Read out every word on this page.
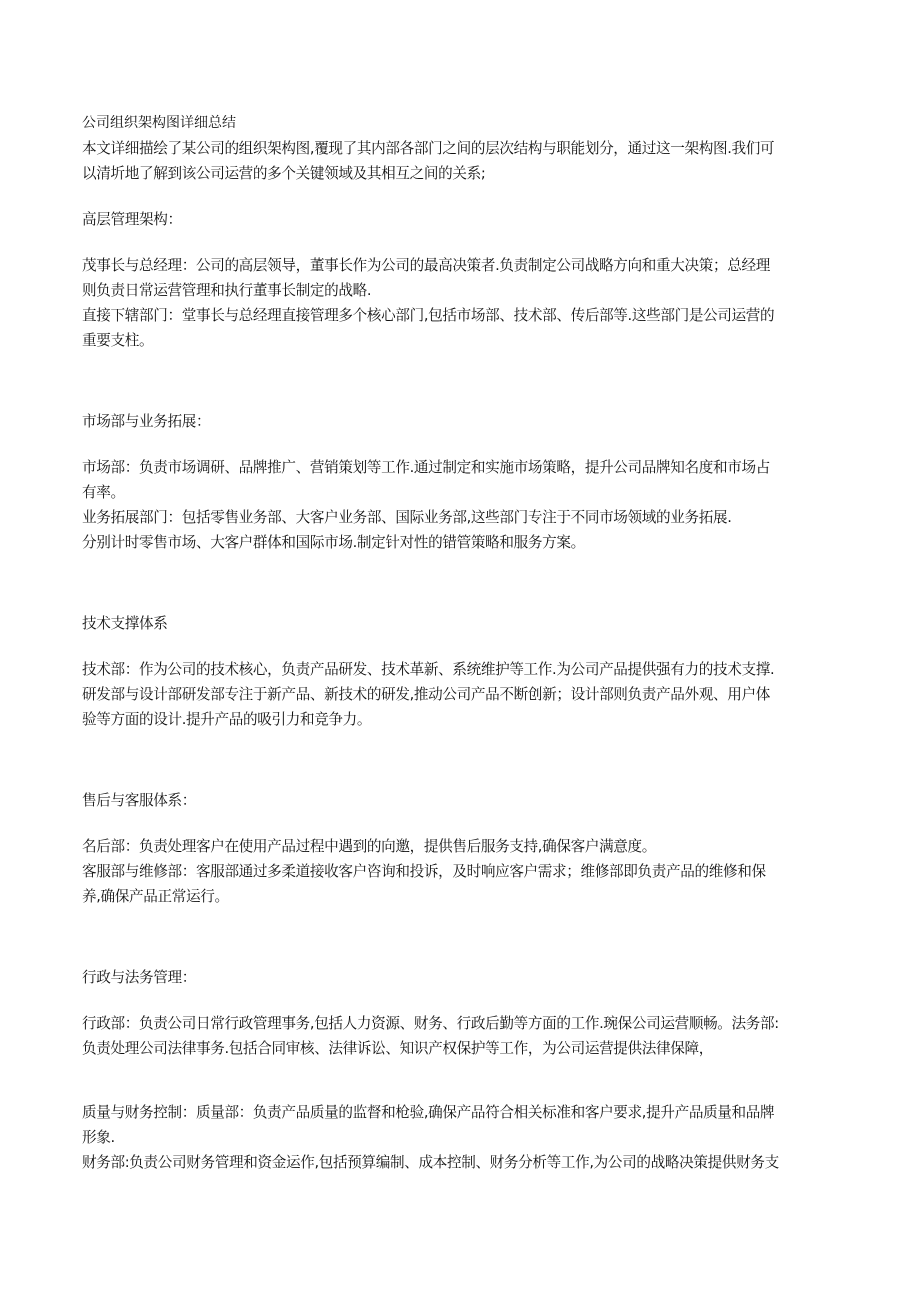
公司组织架构图详细总结
本文详细描绘了某公司的组织架构图,覆现了其内部各部门之间的层次结构与职能划分，通过这一架构图.我们可
以清圻地了解到该公司运营的多个关键领域及其相互之间的关系;
高层管理架构：
茂事长与总经理：公司的高层领导，董事长作为公司的最高决策者.负责制定公司战略方向和重大决策；总经理
则负责日常运营管理和执行董事长制定的战略.
直接下辖部门：堂事长与总经理直接管理多个核心部门,包括市场部、技术部、传后部等.这些部门是公司运营的
重要支柱。
市场部与业务拓展：
市场部：负责市场调研、品牌推广、营销策划等工作.通过制定和实施市场策略，提升公司品牌知名度和市场占
有率。
业务拓展部门：包括零售业务部、大客户业务部、国际业务部,这些部门专注于不同市场领域的业务拓展.
分别计时零售市场、大客户群体和国际市场.制定针对性的错管策略和服务方案。
技术支撑体系
技术部：作为公司的技术核心，负责产品研发、技术革新、系统维护等工作.为公司产品提供强有力的技术支撑.
研发部与设计部研发部专注于新产品、新技术的研发,推动公司产品不断创新；设计部则负责产品外观、用户体
验等方面的设计.提升产品的吸引力和竞争力。
售后与客服体系：
名后部：负责处理客户在使用产品过程中遇到的向邀，提供售后服务支持,确保客户满意度。
客服部与维修部：客服部通过多柔道接收客户咨询和投诉，及时响应客户需求；维修部即负责产品的维修和保
养,确保产品正常运行。
行政与法务管理：
行政部：负责公司日常行政管理事务,包括人力资源、财务、行政后勤等方面的工作.琬保公司运营顺畅。法务部:
负责处理公司法律事务.包括合同审核、法律诉讼、知识产权保护等工作，为公司运营提供法律保障，
质量与财务控制：质量部：负责产品质量的监督和枪验,确保产品符合相关标准和客户要求,提升产品质量和品牌
形象.
财务部:负责公司财务管理和资金运作,包括预算编制、成本控制、财务分析等工作,为公司的战略决策提供财务支
